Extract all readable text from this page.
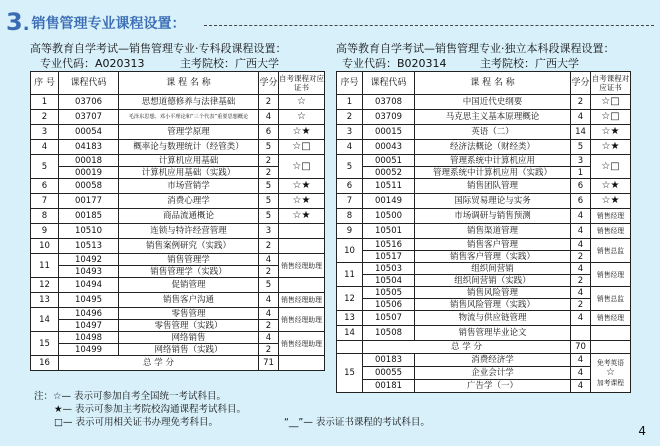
3 . 销售管理专业课程设置：
高等教育自学考试—销售管理专业·专科段课程设置：
专业代码：A020313	主考院校：广西大学
高等教育自学考试—销售管理专业·独立本科段课程设置：
专业代码：B020314	主考院校：广西大学
序 号	课程代码	课 程 名 称	学分	自考课程对应证书
1	03706	思想道德修养与法律基础	2	☆
2	03707	毛泽东思想、邓小平理论和“三个代表”重要思想概论	4	☆
3	00054	管理学原理	6	☆★
4	04183	概率论与数理统计（经管类）	5	☆□
5	00018	计算机应用基础	2	☆□
	00019	计算机应用基础（实践）	2	
6	00058	市场营销学	5	☆★
7	00177	消费心理学	5	☆★
8	00185	商品流通概论	5	☆★
9	10510	连锁与特许经营管理	3	
10	10513	销售案例研究（实践）	2	
11	10492	销售管理学	4	销售经理助理
	10493	销售管理学（实践）	2	
12	10494	促销管理	5	
13	10495	销售客户沟通	4	销售经理助理
14	10496	零售管理	4	销售经理助理
	10497	零售管理（实践）	2	
15	10498	网络销售	4	销售经理助理
	10499	网络销售（实践）	2	
16	总 学 分		71	
序号	课程代码	课 程 名 称	学分	自考课程对应证书
1	03708	中国近代史纲要	2	☆□
2	03709	马克思主义基本原理概论	4	☆□
3	00015	英语（二）	14	☆★
4	00043	经济法概论（财经类）	5	☆★
5	00051	管理系统中计算机应用	3	☆□
	00052	管理系统中计算机应用（实践）	1	
6	10511	销售团队管理	6	☆★
7	00149	国际贸易理论与实务	6	☆★
8	10500	市场调研与销售预测	4	销售经理
9	10501	销售渠道管理	4	销售经理
10	10516	销售客户管理	4	销售总监
	10517	销售客户管理（实践）	2	
11	10503	组织间营销	4	销售经理
	10504	组织间营销（实践）	2	
12	10505	销售风险管理	4	销售总监
	10506	销售风险管理（实践）	2	
13	10507	物流与供应链管理	4	销售经理
14	10508	销售管理毕业论文		
	总 学 分		70	
15	00183	消费经济学	4	免考英语
☆
加考课程

	00055	企业会计学	4	
	00181	广告学（一）	4	
注：☆— 表示可参加自考全国统一考试科目。
★— 表示可参加主考院校沟通课程考试科目。
□— 表示可用相关证书办理免考科目。	“__”— 表示证书课程的考试科目。
4
